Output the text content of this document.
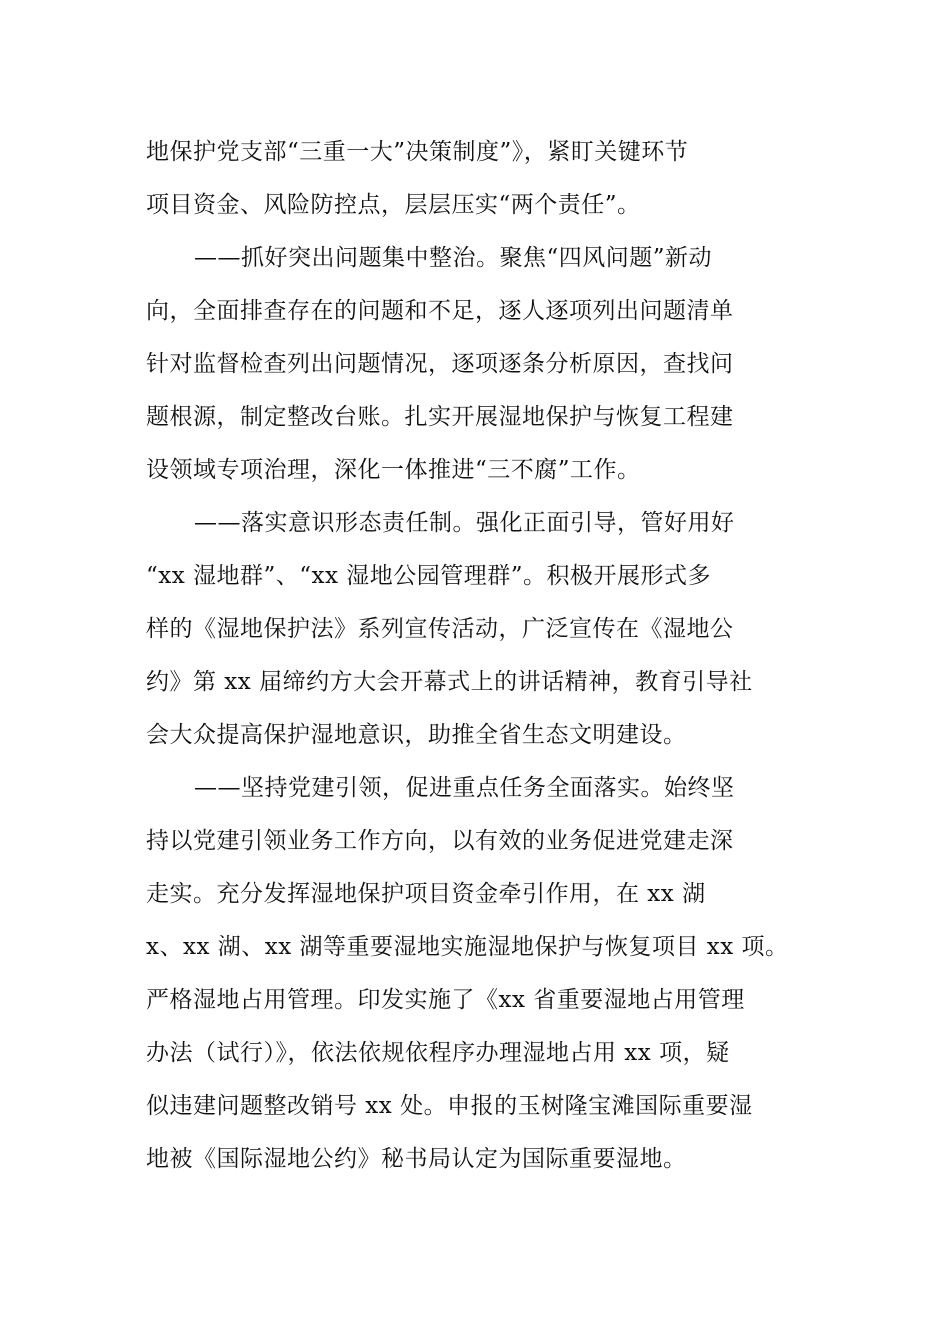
地保护党支部“三重一大”决策制度”》，紧盯关键环节
项目资金、风险防控点，层层压实“两个责任”。
——抓好突出问题集中整治。聚焦“四风问题”新动
向，全面排查存在的问题和不足，逐人逐项列出问题清单
针对监督检查列出问题情况，逐项逐条分析原因，查找问
题根源，制定整改台账。扎实开展湿地保护与恢复工程建
设领域专项治理，深化一体推进“三不腐”工作。
——落实意识形态责任制。强化正面引导，管好用好
“xx 湿地群”、“xx 湿地公园管理群”。积极开展形式多
样的《湿地保护法》系列宣传活动，广泛宣传在《湿地公
约》第 xx 届缔约方大会开幕式上的讲话精神，教育引导社
会大众提高保护湿地意识，助推全省生态文明建设。
——坚持党建引领，促进重点任务全面落实。始终坚
持以党建引领业务工作方向，以有效的业务促进党建走深
走实。充分发挥湿地保护项目资金牵引作用，在 xx 湖
x、xx 湖、xx 湖等重要湿地实施湿地保护与恢复项目 xx 项。
严格湿地占用管理。印发实施了《xx 省重要湿地占用管理
办法（试行）》，依法依规依程序办理湿地占用 xx 项，疑
似违建问题整改销号 xx 处。申报的玉树隆宝滩国际重要湿
地被《国际湿地公约》秘书局认定为国际重要湿地。
